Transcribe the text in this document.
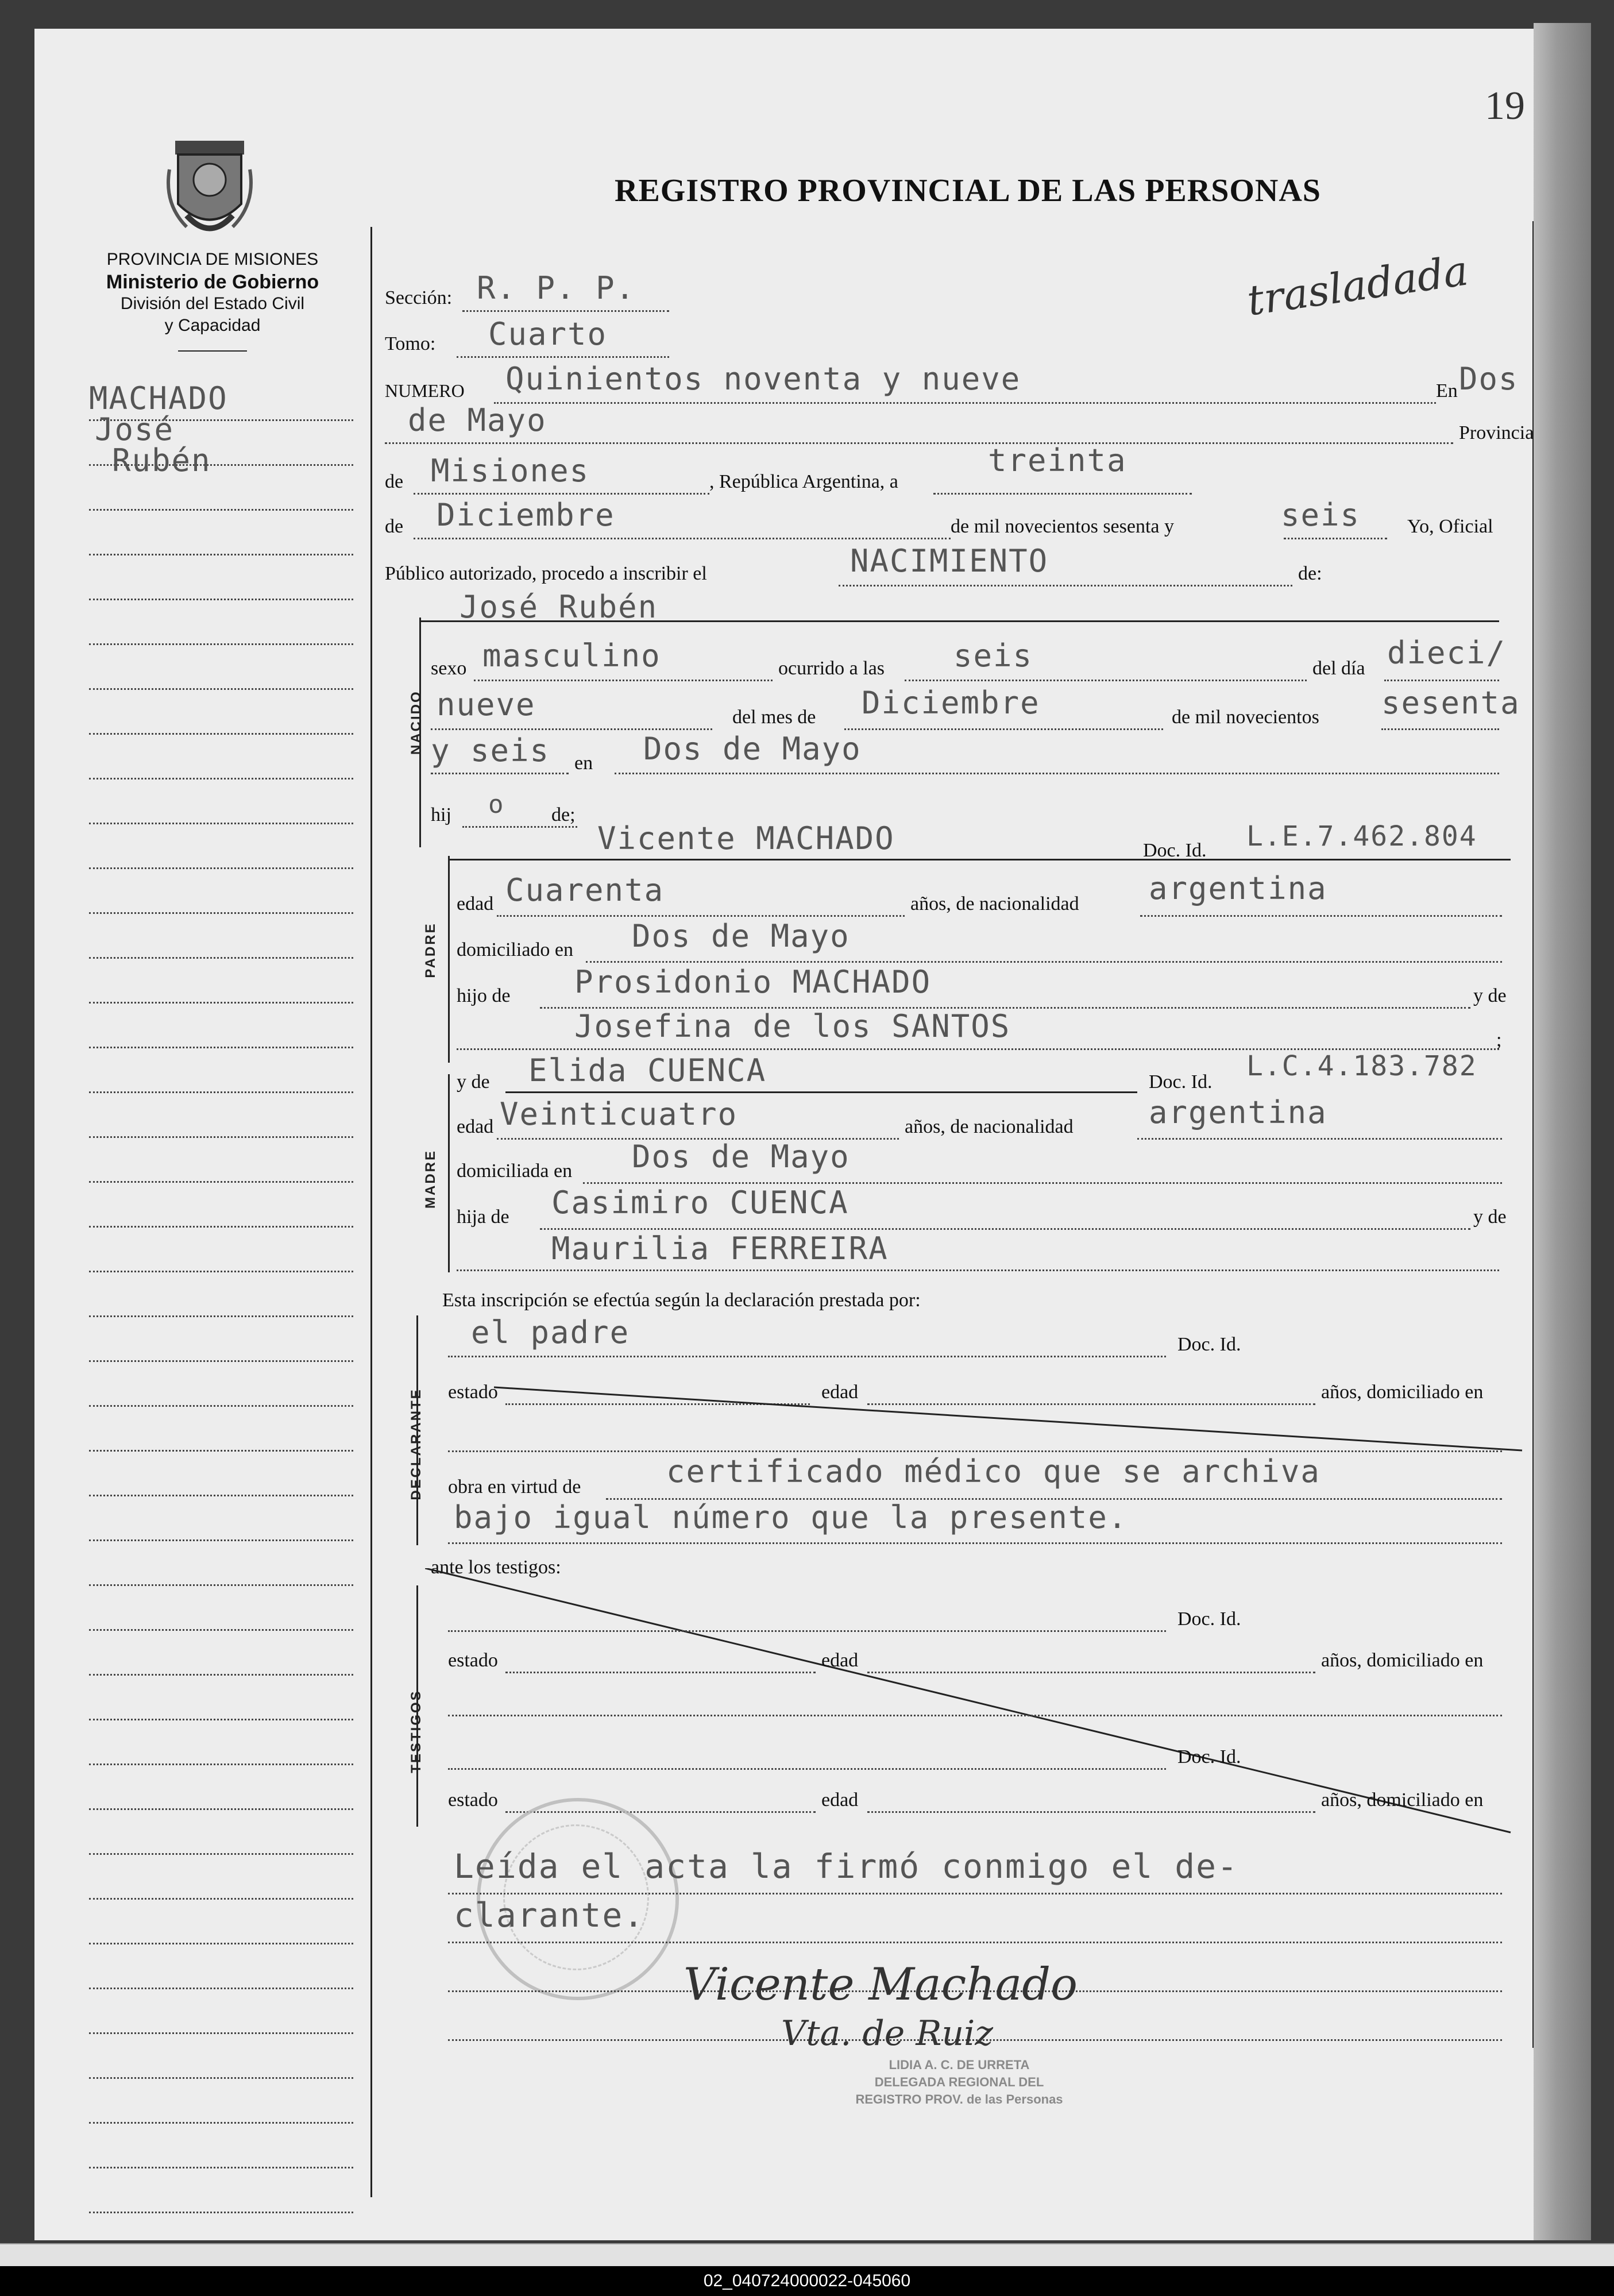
19
PROVINCIA DE MISIONES
Ministerio de Gobierno
División del Estado Civil
y Capacidad
MACHADO
José
Rubén
REGISTRO PROVINCIAL DE LAS PERSONAS
trasladada
Sección: R. P. P.
Tomo: Cuarto
NUMERO Quinientos noventa y nueve	En Dos
de Mayo	Provincia
de Misiones	, República Argentina, a
treinta
de Diciembre	de mil novecientos sesenta y	seis Yo, Oficial
Público autorizado, procedo a inscribir el	NACIMIENTO	de:
NACIDO
José Rubén
sexo masculino	ocurrido a las seis	del día dieci/
nueve	del mes de Diciembre	de mil novecientos sesenta
y seis en Dos de Mayo
hij o de;
PADRE
Vicente MACHADO	Doc. Id. L.E.7.462.804
edad Cuarenta	años, de nacionalidad argentina
domiciliado en Dos de Mayo
hijo de Prosidonio MACHADO	y de
Josefina de los SANTOS	;
MADRE
y de Elida CUENCA	Doc. Id. L.C.4.183.782
edad Veinticuatro	años, de nacionalidad argentina
domiciliada en Dos de Mayo
hija de Casimiro CUENCA	y de
Maurilia FERREIRA
Esta inscripción se efectúa según la declaración prestada por:
DECLARANTE
el padre	Doc. Id.
estado	edad	años, domiciliado en
obra en virtud de	certificado médico que se archiva
bajo igual número que la presente.
ante los testigos:
TESTIGOS
Doc. Id.
estado	edad	años, domiciliado en
Doc. Id.
estado	edad	años, domiciliado en
Leída el acta la firmó conmigo el de-
clarante.
Vicente Machado
Vta. de Ruiz
LIDIA A. C. DE URRETA
DELEGADA REGIONAL DEL
REGISTRO PROV. de las Personas
02_040724000022-045060
